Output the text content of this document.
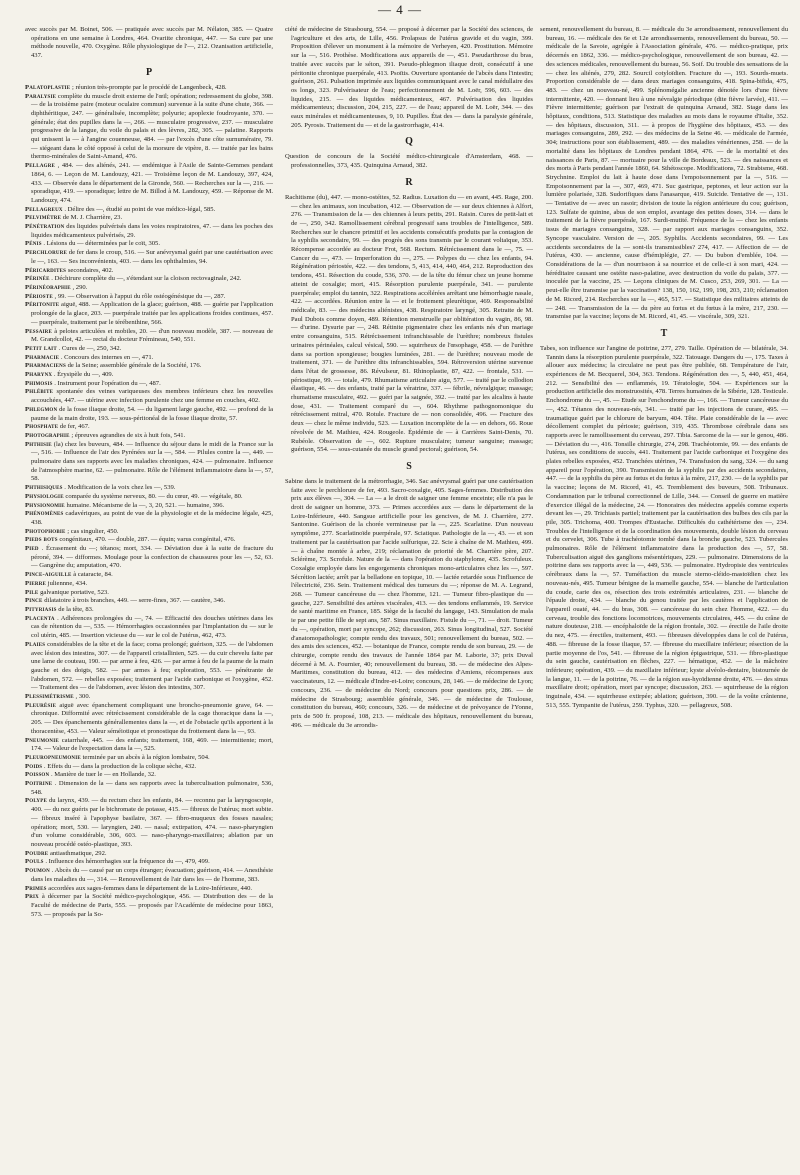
— 4 —

avec succès par M. Boinet, 506. — pratiquée avec succès par M. Nélaton, 385. — Quatre opérations en une semaine à Londres, 464. Ovariite chronique, 447. — Sa cure par une méthode nouvelle, 470. Oxygène. Rôle physiologique de l'—, 212. Ozanisation artificielle, 437.

P

Palatoplastie ; réunion très-prompte par le procédé de Langenbeck, 428.

Paralysie complète du muscle droit externe de l'œil; opération; redressement du globe, 398. — de la troisième paire (moteur oculaire commun) survenue à la suite d'une chute, 366. — diphthéritique, 247. — généralisée, incomplète; polyurie; apoplexie foudroyante, 370. — générale; état des pupilles dans la —, 266. — musculaire progressive, 237. — musculaire progressive de la langue, du voile du palais et des lèvres, 282, 305. — palatine. Rapports qui unissent la — à l'angine couenneuse, 484. — par l'excès d'une côte surnuméraire, 79. — siégeant dans le côté opposé à celui de la morsure de vipère, 8. — traitée par les bains thermo-minérales de Saint-Amand, 476.

Pellagre , 484. — des aliénés, 241. — endémique à l'Asile de Sainte-Gemmes pendant 1864, 6. — Leçon de M. Landouzy, 421. — Troisième leçon de M. Landouzy, 397, 424, 433. — Observée dans le département de la Gironde, 560. — Recherches sur la —, 216. — sporadique, 419. — sporadique; lettre de M. Billod à M. Landouzy, 459. — Réponse de M. Landouzy, 474.

Pellagreux . Délire des —, étudié au point de vue médico-légal, 585.

Pelvimètre de M. J. Charrière, 23.

Pénétration des liquides pulvérisés dans les voies respiratoires, 47. — dans les poches des liquides médicamenteux pulvérisés, 29.

Pénis . Lésions du — déterminées par le coït, 305.

Perchlorure de fer dans le croup, 516. — Sur anévrysmal guéri par une cautérisation avec le —, 163. — Ses inconvénients, 403. — dans les ophthalmies, 94.

Péricardites secondaires, 402.

Périnée . Déchirure complète du —, s'étendant sur la cloison rectovaginale, 242.

Périnéoraphie , 290.

Périoste , 99. — Observation à l'appui du rôle ostéogénésique du —, 287.

Péritonite aiguë, 488. — Application de la glace; guérison, 488. — guérie par l'application prolongée de la glace, 203. — puerpérale traitée par les applications froides continues, 457. — puerpérale, traitement par le térébenthine, 566.

Pessaire à pelotes articulées et mobiles, 20. — d'un nouveau modèle, 387. — nouveau de M. Grandcollot, 42. — rectal du docteur Frémineau, 540, 551.

Petit lait . Cures de —, 250, 342.

Pharmacie . Concours des internes en —, 471.

Pharmaciens de la Seine; assemblée générale de la Société, 176.

Pharynx . Érysipèle du —, 409.

Phimosis . Instrument pour l'opération du —, 487.

Phlébite spontanée des veines variqueuses des membres inférieurs chez les nouvelles accouchées, 447. — utérine avec infection purulente chez une femme en couches, 402.

Phlegmon de la fosse iliaque droite, 54. — du ligament large gauche, 492. — profond de la paume de la main droite, 193. — sous-péritonéal de la fosse iliaque droite, 57.

Phosphate de fer, 467.

Photographie ; épreuves agrandies de six à huit fois, 541.

Phthisie (la) chez les buveurs, 484. — Influence du séjour dans le midi de la France sur la —, 516. — Influence de l'air des Pyrénées sur la —, 584. — Pilules contre la —, 449. — pulmonaire dans ses rapports avec les maladies chroniques, 424. — pulmonaire. Influence de l'atmosphère marine, 62. — pulmonaire. Rôle de l'élément inflammatoire dans la —, 57, 58.

Phthisiques . Modification de la voix chez les —, 539.

Physiologie comparée du système nerveux, 80. — du cœur, 49. — végétale, 80.

Physionomie humaine. Mécanisme de la —, 3, 20, 521. — humaine, 396.

Phénomènes cadavériques, au point de vue de la physiologie et de la médecine légale, 425, 438.

Photophobie ; cas singulier, 450.

Pieds bots congénitaux, 470. — double, 287. — équin; varus congénital, 476.

Pied . Écrasement du —; tétanos; mort, 334. — Déviation due à la suite de fracture du péroné, 394. — difformes. Moulage pour la confection de chaussures pour les —, 52, 63. — Gangrène du; amputation, 470.

Pince-aiguille à cataracte, 84.

Pierre juliennne, 434.

Pile galvanique portative, 523.

Pince dilatatoire à trois branches, 449. — serre-fines, 367. — cautère, 346.

Pityriasis de la tête, 83.

Placenta . Adhérences prolongées du —, 74. — Efficacité des douches utérines dans les cas de rétention du —, 535. — Hémorrhagies occasionnées par l'implantation du — sur le col utérin, 485. — Insertion vicieuse du — sur le col de l'utérus, 462, 473.

Plaies considérables de la tête et de la face; coma prolongé; guérison, 325. — de l'abdomen avec lésion des intestins, 307. — de l'appareil cristallinien, 525. — du cuir chevelu faite par une lame de couteau, 190. — par arme à feu, 426. — par arme à feu de la paume de la main gauche et des doigts, 582. — par armes à feu; exploration, 553. — pénétrante de l'abdomen, 572. — rebelles exposées; traitement par l'acide carbonique et l'oxygène, 452. — Traitement des — de l'abdomen, avec lésion des intestins, 307.

Plessimétrisme , 300.

Pleurésie aiguë avec épanchement compliquant une broncho-pneumonie grave, 64. — chronique. Difformité avec rétrécissement considérable de la cage thoracique dans la —, 205. — Des épanchements générallementes dans la —, et de l'obstacle qu'ils apportent à la thoracentèse, 453. — Valeur séméiotique et pronostique du frottement dans la —, 93.

Pneumonie catarrhale, 445. — des enfants; traitement, 168, 469. — intermittente; mort, 174. — Valeur de l'expectation dans la —, 525.

Pleuropneumonie terminée par un abcès à la région lombaire, 504.

Poids . Effets du — dans la production de la colique sèche, 432.

Poisson . Manière de tuer le — en Hollande, 32.

Poitrine . Dimension de la — dans ses rapports avec la tuberculisation pulmonaire, 536, 548.

Polype du larynx, 439. — du rectum chez les enfants, 84. — reconnu par la laryngoscopie, 400. — du nez guéris par le bichromate de potasse, 415. — fibreux de l'utérus; mort subite. — fibreux inséré à l'apophyse basilaire, 367. — fibro-muqueux des fosses nasales; opération; mort, 530. — laryngien, 240. — nasal; extirpation, 474. — naso-pharyngien d'un volume considérable, 306, 603. — naso-pharyngo-maxillaires; ablation par un nouveau procédé ostéo-plastique, 393.

Poudre antiasthmatique, 292.

Pouls . Influence des hémorrhagies sur la fréquence du —, 479, 499.

Poumon . Abcès du — causé par un corps étranger; évacuation; guérison, 414. — Anesthésie dans les maladies du —, 314. — Renouvellement de l'air dans les — de l'homme, 383.

Primes accordées aux sages-femmes dans le département de la Loire-Inférieure, 440.

Prix à décerner par la Société médico-psychologique, 456. — Distribution des — de la Faculté de médecine de Paris, 555. — proposés par l'Académie de médecine pour 1863, 573. — proposés par la So-

ciété de médecine de Strasbourg, 554. — proposé à décerner par la Société des sciences, de l'agriculture et des arts, de Lille, 456. Prolapsus de l'utérus gravide et du vagin, 399. Proposition d'élever un monument à la mémoire de Verheyen, 420. Prostitution. Mémoire sur la —, 516. Prothèse. Modifications aux appareils de —, 451. Pseudarthrose du bras, traitée avec succès par le séton, 391. Pseudo-phlegmon iliaque droit, consécutif à une péritonite chronique puerpérale, 413. Psoïtis. Ouverture spontanée de l'abcès dans l'intestin; guérison, 261. Pulsation imprimée aux liquides communiquant avec le canal médullaire des os longs, 323. Pulvérisateur de l'eau; perfectionnement de M. Loër, 596, 603. — des liquides, 215. — des liquides médicamenteux, 467. Pulvérisation des liquides médicamenteux; discussion, 204, 215, 227. — de l'eau; appareil de M. Loër, 344. — des eaux minérales et médicamenteuses, 9, 10. Pupilles. État des — dans la paralysie générale, 205. Pyrosis. Traitement du — et de la gastrorrhagie, 414.

Q

Question de concours de la Société médico-chirurgicale d'Amsterdam, 468. — professionnelles, 373, 435. Quinquina Arnaud, 382.

R

Rachitisme (du), 447. — mono-ostéites, 52. Radius. Luxation du — en avant, 445. Rage, 200. — chez les animaux, son incubation, 412. — Observation de — sur deux chiennes à Alfort, 276. — Transmission de la — des chiennes à leurs petits, 291. Raisin. Cures de petit-lait et de —, 250, 342. Ramollissement cérébral progressif sans troubles de l'intelligence, 589. Recherches sur le chancre primitif et les accidents consécutifs produits par la contagion de la syphilis secondaire, 99. — des progrès des sons transmis par le courant voltaïque, 353. Récompense accordée au docteur Frot, 568. Rectum. Rétrécissement dans le —, 75. — Cancer du —, 473. — Imperforation du —, 275. — Polypes du — chez les enfants, 94. Régénération périostée, 422. — des tendons, 5, 413, 414, 440, 464, 212. Reproduction des tendons, 451. Résection du coude, 536, 370. — de la tête du fémur chez un jeune homme atteint de coxalgie; mort, 415. Résorption purulente puerpérale, 341. — purulente puerpérale; emploi du tannin, 322. Respirations accélérées arrêtant une hémorrhagie nasale, 422. — accordées. Réunion entre la — et le frottement pleurétique, 469. Responsabilité médicale, 83. — des médecins aliénistes, 438. Respiratoire laryngé, 305. Retraite de M. Paul Dubois comme doyen, 489. Rétention menstruelle par oblitération du vagin, 86, 98. — d'urine. Dysurie par —, 248. Rétinite pigmentaire chez les enfants nés d'un mariage entre consanguins, 515. Rétrécissement infranchissable de l'urèthre; nombreux fistules urinaires périnéales, calcul vésical, 590. — squirrheux de l'œsophage, 458. — de l'urèthre dans sa portion spongieuse; bougies luminées, 281. — de l'urèthre; nouveau mode de traitement, 371. — de l'urèthre dits infranchissables, 594. Rétroversion utérine survenue dans l'état de grossesse, 86. Révulseur, 81. Rhinoplastie, 87, 422. — frontale, 531. — périostique, 99. — totale, 479. Rhumatisme articulaire aigu, 577. — traité par le collodion élastique, 46. — des enfants, traité par la vératrine, 337. — fébrile, névralgique; massage; rhumatisme musculaire, 492. — guéri par la saignée, 392. — traité par les alcalins à haute dose, 431. — Traitement comparé du —, 604. Rhythme pathognomonique du rétrécissement mitral, 470. Rotule. Fracture de — non consolidée, 496. — Fracture des deux — chez le même individu, 523. — Luxation incomplète de la — en dehors, 66. Roue révolvée de M. Mathieu, 424. Rougeole. Épidémie de — à Carrières Saint-Denis, 70. Rubéole. Observation de —, 602. Rupture musculaire; tumeur sanguine; massage; guérison, 554. — sous-cutanée du muscle grand pectoral; guérison, 54.

S

Sabine dans le traitement de la métrorrhagie, 346. Sac anévrysmal guéri par une cautérisation faite avec le perchlorure de fer, 493. Sacro-coxalgie, 405. Sages-femmes. Distribution des prix aux élèves —, 304. — La — a le droit de saigner une femme enceinte; elle n'a pas le droit de saigner un homme, 373. — Primes accordées aux — dans le département de la Loire-Inférieure, 440. Sangsue artificielle pour les gencives, de M. J. Charrière, 277. Santonine. Guérison de la chorée vermineuse par la —, 225. Scarlatine. D'un nouveau symptôme, 277. Scarlatinoïde puerpérale, 97. Sciatique. Pathologie de la —, 43. — et son traitement par la cautérisation par l'acide sulfurique, 22. Scie à chaîne de M. Mathieu, 499. — à chaîne montée à arbre, 219; réclamation de priorité de M. Charrière père, 207. Sclérème, 73. Scrofule. Nature de la — dans l'opération du staphylome, 435. Scrofuleux. Coxalgie employée dans les engorgements chroniques mono-articulaires chez les —, 597. Sécrétion lactée; arrêt par la belladone en topique, 10. — lactée retardée sous l'influence de l'électricité, 236. Sein. Traitement médical des tumeurs du —; réponse de M. A. Legrand, 268. — Tumeur cancéreuse du — chez l'homme, 121. — Tumeur fibro-plastique du — gauche, 227. Sensibilité des artères viscérales, 413. — des tendons enflammés, 19. Service de santé maritime en France, 185. Siège de la faculté du langage, 143. Simulation de mala ie par une petite fille de sept ans, 587. Sinus maxillaire. Fistule du —, 71. — droit. Tumeur du —, opération, mort par syncope, 262; discussion, 263. Sinus longitudinal, 527. Société d'anatomopathologie; compte rendu des travaux, 501; renouvellement du bureau, 502. — des amis des sciences, 452. — botanique de France, compte rendu de son bureau, 29. — de chirurgie, compte rendu des travaux de l'année 1864 par M. Laborie, 37; prix Duval décerné à M. A. Fournier, 40; renouvellement du bureau, 38. — de médecine des Alpes-Maritimes, constitution du bureau, 412. — des médecins d'Amiens, récompenses aux vaccinateurs, 12. — médicale d'Indre-et-Loire; concours, 28, 146. — de médecine de Lyon; concours, 236. — de médecine du Nord; concours pour questions prix, 286. — de médecine de Strasbourg; assemblée générale, 346. — de médecine de Toulouse, constitution du bureau, 460; concours, 326. — de médecine et de prévoyance de l'Yonne, prix de 500 fr. proposé, 108, 213. — médicale des hôpitaux, renouvellement du bureau, 496. — médicale du 3e arrondis-

sement, renouvellement du bureau, 8. — médicale du 3e arrondissement, renouvellement du bureau, 16. — médicale des 6e et 12e arrondissements, renouvellement du bureau, 50. — médicale de la Savoie, agrégée à l'Association générale, 476. — médico-pratique, prix décernés en 1862, 336. — médico-psychologique, renouvellement de son bureau, 42. — des sciences médicales, renouvellement du bureau, 56. Soif. Du trouble des sensations de la — chez les aliénés, 279, 282. Sourcil cotyloïdien. Fracture du —, 193. Sourds-muets. Proportion considérable de — dans deux mariages consanguins, 418. Spina-bifida, 475, 483. — chez un nouveau-né, 499. Splénomégalie ancienne dénotée lors d'une fièvre intermittente, 420. — donnant lieu à une névralgie périodique (dite fièvre larvée), 411. — Fièvre intermittente; guérison par l'extrait de quinquina Arnaud, 382. Stage dans les hôpitaux, conditions, 513. Statistique des maladies au mois dans le royaume d'Italie, 352. — des hôpitaux, discussion, 311. — à propos de l'hygiène des hôpitaux, 453. — des mariages consanguins, 289, 292. — des médecins de la Seine 46. — médicale de l'armée, 304; instructions pour son établissement, 489. — des maladies vénériennes, 258. — de la mortalité dans les hôpitaux de Londres pendant 1864, 476. — de la mortalité et des naissances de Paris, 87. — mortuaire pour la ville de Bordeaux, 523. — des naissances et des morts à Paris pendant l'année 1860, 64. Sthétoscope. Modifications, 72. Strabisme, 468. Strychnine. Emploi du lait à haute dose dans l'empoisonnement par la —, 516. — Empoisonnement par la —, 307, 469, 471. Suc gastrique, peptones, et leur action sur la lumière polarisée, 328. Sudorifiques dans l'anasarque, 419. Suicide. Tentative de —, 131. — Tentative de — avec un rasoir; division de toute la région antérieure du cou; guérison, 123. Sulfate de quinine, abus de son emploi, avantage des petites doses, 314. — dans le traitement de la fièvre puerpérale, 167. Surdi-mutité. Fréquence de la — chez les enfants issus de mariages consanguins, 328. — par rapport aux mariages consanguins, 352. Syncope vasculaire. Version de —, 205. Syphilis. Accidents secondaires, 99. — Les accidents secondaires de la — sont-ils transmissibles? 274, 417. — Affection de — de l'utérus, 430. — ancienne, cause d'hémiplégie, 27. — Du bubon d'emblée, 104. — Considérations de la — d'un nourrisson à sa nourrice et de celle-ci à son mari, 424. — héréditaire causant une ostéite naso-palatine, avec destruction du voile du palais, 377. — inoculée par la vaccine, 25. — Leçons cliniques de M. Cusco, 253, 269, 301. — La — peut-elle être transmise par la vaccination? 138, 150, 162, 199, 198, 203, 210; réclamation de M. Ricord, 214. Recherches sur la —, 465, 517. — Statistique des militaires atteints de — 248. — Transmission de la — du père au fœtus et du fœtus à la mère, 217, 230. — transmise par la vaccine; leçons de M. Ricord, 41, 45. — viscérale, 309, 321.

T

Tabes, son influence sur l'angine de poitrine, 277, 279. Taille. Opération de — bilatérale, 34. Tannin dans la résorption purulente puerpérale, 322. Tatouage. Dangers du —, 175. Taxes à allouer aux médecins; la circulaire ne peut pas être publiée, 68. Température de l'air, expériences de M. Becquerel, 304, 363. Tendons. Régénération des —, 5, 440, 451, 464, 212. — Sensibilité des — enflammés, 19. Tératologie, 504. — Expériences sur la production artificielle des monstruosités, 478. Terres humaines de la Sibérie, 128. Testicule. Enchondrome du —, 45. — Etude sur l'enchondrome du —, 166. — Tumeur cancéreuse du —, 452. Tétanos des nouveau-nés, 341. — traité par les injections de curare, 495. — traumatique guéri par le chlorure de baryum, 404. Tête. Plaie considérable de la — avec décollement complet du périoste; guérison, 319, 435. Thrombose cérébrale dans ses rapports avec le ramollissement du cerveau, 297. Tibia. Sarcome de la — sur le genou, 486. — Déviation du —, 416. Tonsille chirurgie, 274, 298. Trachéotomie, 99. — des enfants de l'utérus, ses conditions de succès, 441. Traitement par l'acide carbonique et l'oxygène des plaies rebelles exposées, 452. Tranchées utérines, 74. Transfusion du sang, 324. — du sang appareil pour l'opération, 390. Transmission de la syphilis par des accidents secondaires, 447. — de la syphilis du père au fœtus et du fœtus à la mère, 217, 230. — de la syphilis par la vaccine; leçons de M. Ricord, 41, 45. Tremblement des buveurs, 508. Tribunaux. Condamnation par le tribunal correctionnel de Lille, 344. — Conseil de guerre en matière d'exercice illégal de la médecine, 24. — Honoraires des médecins appelés comme experts devant les —, 29. Trichiasis partiel; traitement par la cautérisation des bulbes des cils par la pile, 305. Trichoma, 400. Trompes d'Eustache. Difficultés du cathétérisme des —, 234. Troubles de l'intelligence et de la coordination des mouvements, double lésion du cerveau et du cervelet, 306. Tube à trachéotomie tombé dans la bronche gauche, 523. Tubercules pulmonaires. Rôle de l'élément inflammatoire dans la production des —, 57, 58. Tuberculisation aiguë des ganglions mésentériques, 229. — pulmonaire. Dimensions de la poitrine dans ses rapports avec la —, 449, 536. — pulmonaire. Hydropisie des ventricules cérébraux dans la —, 57. Tuméfaction du muscle sterno-cléido-mastoïdien chez les nouveau-nés, 495. Tumeur bénigne de la mamelle gauche, 554. — blanche de l'articulation du coude, carie des os, résection des trois extrémités articulaires, 231. — blanche de l'épaule droite, 434. — blanche du genou traitée par les cautères et l'application de l'appareil ouaté, 44. — du bras, 308. — cancéreuse du sein chez l'homme, 422. — du cerveau, trouble des fonctions locomotrices, mouvements circulaires, 445. — du crâne de nature douteuse, 218. — encéphaloïde de la région frontale, 302. — érectile de l'aile droite du nez, 475. — érectiles, traitement, 493. — fibreuses développées dans le col de l'utérus, 488. — fibreuse de la fosse iliaque, 57. — fibreuse du maxillaire inférieur; résection de la partie moyenne de l'os, 541. — fibreuse de la région épigastrique, 531. — fibro-plastique du sein gauche, cautérisation en flèches, 227. — hématique, 452. — de la mâchoire inférieure; opération, 439. — du maxillaire inférieur; kyste alvéolo-dentaire, bistournée de la langue, 11. — de la poitrine, 76. — de la région sus-hyoïdienne droite, 476. — des sinus maxillaire droit; opération, mort par syncope; discussion, 263. — squirrheuse de la région inguinale, 434. — squirrheuse extirpée; ablation; guérison, 390. — de la voûte crânienne, 513, 555. Tympanite de l'utérus, 259. Typhus, 320. — pellagreux, 508.
